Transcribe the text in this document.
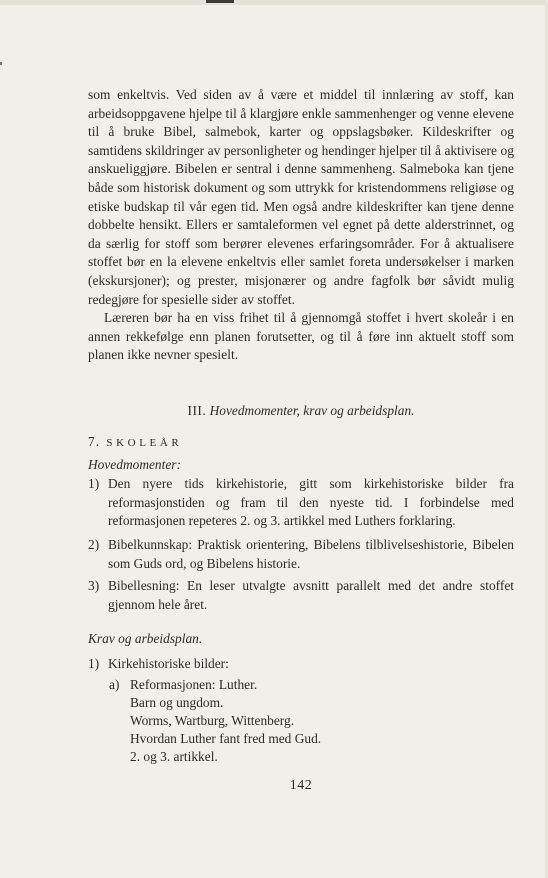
som enkeltvis. Ved siden av å være et middel til innlæring av stoff, kan arbeidsoppgavene hjelpe til å klargjøre enkle sammenhenger og venne elevene til å bruke Bibel, salmebok, karter og oppslagsbøker. Kildeskrifter og samtidens skildringer av personligheter og hendinger hjelper til å aktivisere og anskueliggjøre. Bibelen er sentral i denne sammenheng. Salmeboka kan tjene både som historisk dokument og som uttrykk for kristendommens religiøse og etiske budskap til vår egen tid. Men også andre kildeskrifter kan tjene denne dobbelte hensikt. Ellers er samtaleformen vel egnet på dette alderstrinnet, og da særlig for stoff som berører elevenes erfaringsområder. For å aktualisere stoffet bør en la elevene enkeltvis eller samlet foreta undersøkelser i marken (ekskursjoner); og prester, misjonærer og andre fagfolk bør såvidt mulig redegjøre for spesielle sider av stoffet.

Læreren bør ha en viss frihet til å gjennomgå stoffet i hvert skoleår i en annen rekkefølge enn planen forutsetter, og til å føre inn aktuelt stoff som planen ikke nevner spesielt.

III. Hovedmomenter, krav og arbeidsplan.
7. SKOLEÅR
Hovedmomenter:
1) Den nyere tids kirkehistorie, gitt som kirkehistoriske bilder fra reformasjonstiden og fram til den nyeste tid. I forbindelse med reformasjonen repeteres 2. og 3. artikkel med Luthers forklaring.
2) Bibelkunnskap: Praktisk orientering, Bibelens tilblivelseshistorie, Bibelen som Guds ord, og Bibelens historie.
3) Bibellesning: En leser utvalgte avsnitt parallelt med det andre stoffet gjennom hele året.
Krav og arbeidsplan.
1) Kirkehistoriske bilder:
a) Reformasjonen: Luther.
Barn og ungdom.
Worms, Wartburg, Wittenberg.
Hvordan Luther fant fred med Gud.
2. og 3. artikkel.
142
